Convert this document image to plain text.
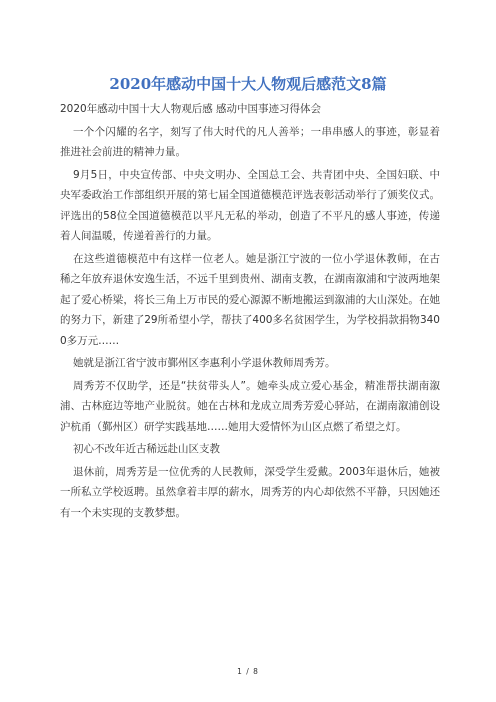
2020年感动中国十大人物观后感范文8篇

2020年感动中国十大人物观后感 感动中国事迹习得体会

一个个闪耀的名字，刻写了伟大时代的凡人善举；一串串感人的事迹，彰显着推进社会前进的精神力量。

9月5日，中央宣传部、中央文明办、全国总工会、共青团中央、全国妇联、中央军委政治工作部组织开展的第七届全国道德模范评选表彰活动举行了颁奖仪式。评选出的58位全国道德模范以平凡无私的举动，创造了不平凡的感人事迹，传递着人间温暖，传递着善行的力量。

在这些道德模范中有这样一位老人。她是浙江宁波的一位小学退休教师，在古稀之年放弃退休安逸生活，不远千里到贵州、湖南支教，在湖南溆浦和宁波两地架起了爱心桥梁，将长三角上万市民的爱心源源不断地搬运到溆浦的大山深处。在她的努力下，新建了29所希望小学，帮扶了400多名贫困学生，为学校捐款捐物3400多万元……

她就是浙江省宁波市鄞州区李惠利小学退休教师周秀芳。

周秀芳不仅助学，还是“扶贫带头人”。她牵头成立爱心基金，精准帮扶湖南溆浦、古林庭边等地产业脱贫。她在古林和龙成立周秀芳爱心驿站，在湖南溆浦创设沪杭甬（鄞州区）研学实践基地……她用大爱情怀为山区点燃了希望之灯。

初心不改年近古稀远赴山区支教

退休前，周秀芳是一位优秀的人民教师，深受学生爱戴。2003年退休后，她被一所私立学校返聘。虽然拿着丰厚的薪水，周秀芳的内心却依然不平静，只因她还有一个未实现的支教梦想。

1 / 8
